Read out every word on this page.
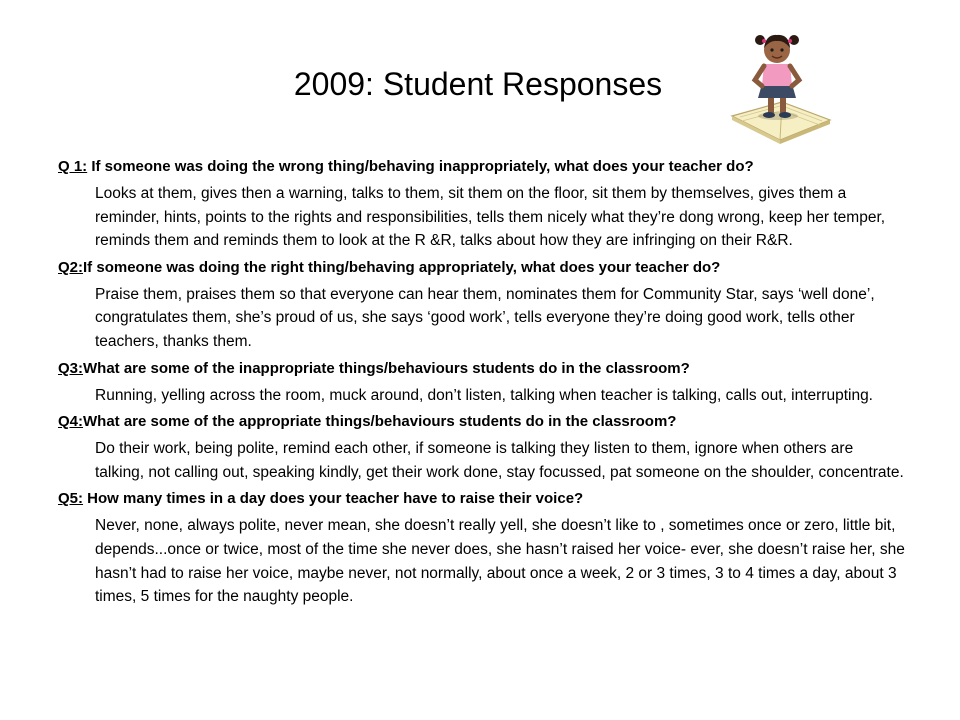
2009: Student Responses
Q 1: If someone was doing the wrong thing/behaving inappropriately, what does your teacher do?
Looks at them, gives then a warning, talks to them, sit them on the floor, sit them by themselves, gives them a reminder, hints, points to the rights and responsibilities, tells them nicely what they’re dong wrong, keep her temper, reminds them and reminds them to look at the R &R, talks about how they are infringing on their R&R.
Q2:If someone was doing the right thing/behaving appropriately, what does your teacher do?
Praise them, praises them so that everyone can hear them, nominates them for Community Star, says ‘well done’, congratulates them, she’s proud of us, she says ‘good work’, tells everyone they’re doing good work, tells other teachers, thanks them.
Q3:What are some of the inappropriate things/behaviours students do in the classroom?
Running, yelling across the room, muck around, don’t listen, talking when teacher is talking, calls out, interrupting.
Q4:What are some of the appropriate things/behaviours students do in the classroom?
Do their work, being polite, remind each other, if someone is talking they listen to them, ignore when others are talking, not calling out, speaking kindly, get their work done, stay focussed, pat someone on the shoulder, concentrate.
Q5: How many times in a day does your teacher have to raise their voice?
Never, none, always polite, never mean, she doesn’t really yell, she doesn’t like to , sometimes once or zero, little bit, depends...once or twice, most of the time she never does, she hasn’t raised her voice- ever, she doesn’t raise her, she hasn’t had to raise her voice, maybe never, not normally, about once a week, 2 or 3 times, 3 to 4 times a day, about 3 times, 5 times for the naughty people.
